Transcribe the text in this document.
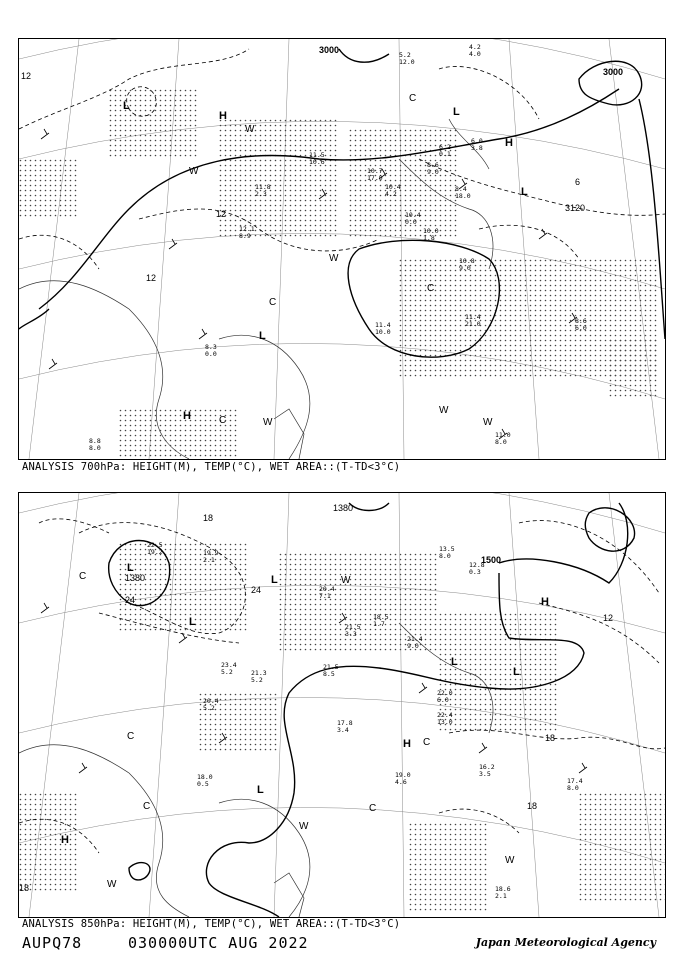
3000
3000
3120
12
12
12
6
L	L
L
L
H
H
H
W
W
W
W
W
W
C
C
C
C
5.2 12.0
4.2 4.0
8.6 9.0
10.7 17.0
11.5 10.6
11.8 2.3
12.1 8.9
10.4 4.2
11.4 10.0
11.4 21.0	8.6 6.0
10.8 9.0
10.0 1.8
8.3 0.0
11.0 8.0
8.8 8.0
8.4 18.0
6.2 0.1
10.4 0.0
6.0 3.8
ANALYSIS 700hPa: HEIGHT(M), TEMP(°C), WET AREA::(T-TD<3°C)
1380
1380
1500
18
24
24
12
18
18
18
L
L
L
L
L
L
H
H
H
W
W
W
W
C
C
C	C
C
22.5 19.2	19.9 2.1
21.5 3.3
18.5 1.7
20.4 7.1
21.4 9.0
22.0 6.0
22.4 13.0
19.0 4.6
17.8 3.4
16.2 3.5
17.4 8.0
18.6 2.1
20.4 5.2
18.0 0.5
21.3 5.2
21.5 8.5
23.4 5.2
13.5 8.0
12.8 0.3
ANALYSIS 850hPa: HEIGHT(M), TEMP(°C), WET AREA::(T-TD<3°C)
AUPQ78	030000UTC AUG 2022	Japan Meteorological Agency
